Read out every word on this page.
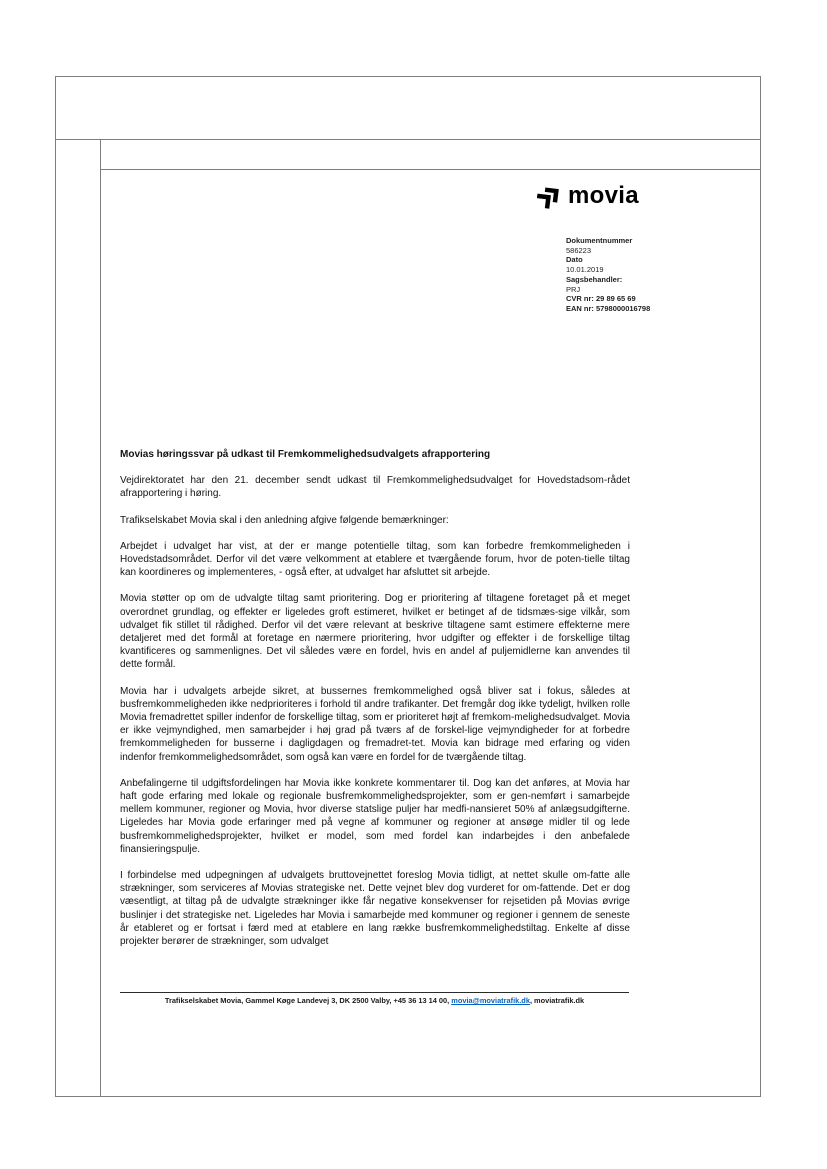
movia
Dokumentnummer
586223
Dato
10.01.2019
Sagsbehandler:
PRJ
CVR nr: 29 89 65 69
EAN nr: 5798000016798
Movias høringssvar på udkast til Fremkommelighedsudvalgets afrapportering

Vejdirektoratet har den 21. december sendt udkast til Fremkommelighedsudvalget for Hovedstadsom-rådet afrapportering i høring.

Trafikselskabet Movia skal i den anledning afgive følgende bemærkninger:

Arbejdet i udvalget har vist, at der er mange potentielle tiltag, som kan forbedre fremkommeligheden i Hovedstadsområdet. Derfor vil det være velkomment at etablere et tværgående forum, hvor de poten-tielle tiltag kan koordineres og implementeres, - også efter, at udvalget har afsluttet sit arbejde.

Movia støtter op om de udvalgte tiltag samt prioritering. Dog er prioritering af tiltagene foretaget på et meget overordnet grundlag, og effekter er ligeledes groft estimeret, hvilket er betinget af de tidsmæs-sige vilkår, som udvalget fik stillet til rådighed. Derfor vil det være relevant at beskrive tiltagene samt estimere effekterne mere detaljeret med det formål at foretage en nærmere prioritering, hvor udgifter og effekter i de forskellige tiltag kvantificeres og sammenlignes. Det vil således være en fordel, hvis en andel af puljemidlerne kan anvendes til dette formål.

Movia har i udvalgets arbejde sikret, at bussernes fremkommelighed også bliver sat i fokus, således at busfremkommeligheden ikke nedprioriteres i forhold til andre trafikanter. Det fremgår dog ikke tydeligt, hvilken rolle Movia fremadrettet spiller indenfor de forskellige tiltag, som er prioriteret højt af fremkom-melighedsudvalget. Movia er ikke vejmyndighed, men samarbejder i høj grad på tværs af de forskel-lige vejmyndigheder for at forbedre fremkommeligheden for busserne i dagligdagen og fremadret-tet. Movia kan bidrage med erfaring og viden indenfor fremkommelighedsområdet, som også kan være en fordel for de tværgående tiltag.

Anbefalingerne til udgiftsfordelingen har Movia ikke konkrete kommentarer til. Dog kan det anføres, at Movia har haft gode erfaring med lokale og regionale busfremkommelighedsprojekter, som er gen-nemført i samarbejde mellem kommuner, regioner og Movia, hvor diverse statslige puljer har medfi-nansieret 50% af anlægsudgifterne. Ligeledes har Movia gode erfaringer med på vegne af kommuner og regioner at ansøge midler til og lede busfremkommelighedsprojekter, hvilket er model, som med fordel kan indarbejdes i den anbefalede finansieringspulje.

I forbindelse med udpegningen af udvalgets bruttovejnettet foreslog Movia tidligt, at nettet skulle om-fatte alle strækninger, som serviceres af Movias strategiske net. Dette vejnet blev dog vurderet for om-fattende. Det er dog væsentligt, at tiltag på de udvalgte strækninger ikke får negative konsekvenser for rejsetiden på Movias øvrige buslinjer i det strategiske net. Ligeledes har Movia i samarbejde med kommuner og regioner i gennem de seneste år etableret og er fortsat i færd med at etablere en lang række busfremkommelighedstiltag. Enkelte af disse projekter berører de strækninger, som udvalget

Trafikselskabet Movia, Gammel Køge Landevej 3, DK 2500 Valby, +45 36 13 14 00, movia@moviatrafik.dk, moviatrafik.dk
